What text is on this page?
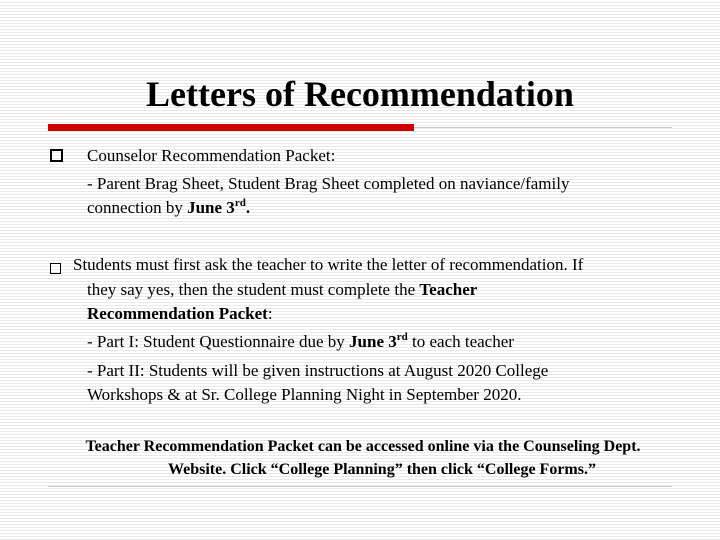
Letters of Recommendation
Counselor Recommendation Packet:
- Parent Brag Sheet, Student Brag Sheet completed on naviance/family
connection by June 3rd.
Students must first ask the teacher to write the letter of recommendation. If
they say yes, then the student must complete the Teacher
Recommendation Packet:
- Part I: Student Questionnaire due by June 3rd to each teacher
- Part II: Students will be given instructions at August 2020 College
Workshops & at Sr. College Planning Night in September 2020.
Teacher Recommendation Packet can be accessed online via the Counseling Dept.
Website. Click “College Planning” then click “College Forms.”
